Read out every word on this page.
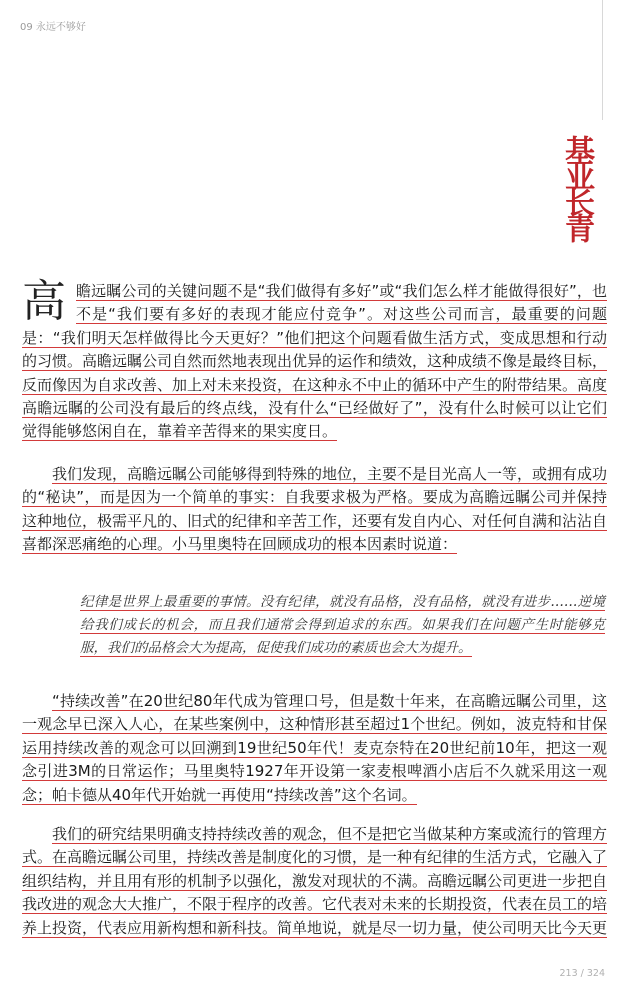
09 永远不够好
基业长青

高瞻远瞩公司的关键问题不是“我们做得有多好”或“我们怎么样才能做得很好”，也不是“我们要有多好的表现才能应付竞争”。对这些公司而言，最重要的问题是：“我们明天怎样做得比今天更好？”他们把这个问题看做生活方式，变成思想和行动的习惯。高瞻远瞩公司自然而然地表现出优异的运作和绩效，这种成绩不像是最终目标，反而像因为自求改善、加上对未来投资，在这种永不中止的循环中产生的附带结果。高度高瞻远瞩的公司没有最后的终点线，没有什么“已经做好了”，没有什么时候可以让它们觉得能够悠闲自在，靠着辛苦得来的果实度日。

我们发现，高瞻远瞩公司能够得到特殊的地位，主要不是目光高人一等，或拥有成功的“秘诀”，而是因为一个简单的事实：自我要求极为严格。要成为高瞻远瞩公司并保持这种地位，极需平凡的、旧式的纪律和辛苦工作，还要有发自内心、对任何自满和沾沾自喜都深恶痛绝的心理。小马里奥特在回顾成功的根本因素时说道：

纪律是世界上最重要的事情。没有纪律，就没有品格，没有品格，就没有进步……逆境给我们成长的机会，而且我们通常会得到追求的东西。如果我们在问题产生时能够克服，我们的品格会大为提高，促使我们成功的素质也会大为提升。

“持续改善”在20世纪80年代成为管理口号，但是数十年来，在高瞻远瞩公司里，这一观念早已深入人心，在某些案例中，这种情形甚至超过1个世纪。例如，波克特和甘保运用持续改善的观念可以回溯到19世纪50年代！麦克奈特在20世纪前10年，把这一观念引进3M的日常运作；马里奥特1927年开设第一家麦根啤酒小店后不久就采用这一观念；帕卡德从40年代开始就一再使用“持续改善”这个名词。

我们的研究结果明确支持持续改善的观念，但不是把它当做某种方案或流行的管理方式。在高瞻远瞩公司里，持续改善是制度化的习惯，是一种有纪律的生活方式，它融入了组织结构，并且用有形的机制予以强化，激发对现状的不满。高瞻远瞩公司更进一步把自我改进的观念大大推广，不限于程序的改善。它代表对未来的长期投资，代表在员工的培养上投资，代表应用新构想和新科技。简单地说，就是尽一切力量，使公司明天比今天更

213 / 324
